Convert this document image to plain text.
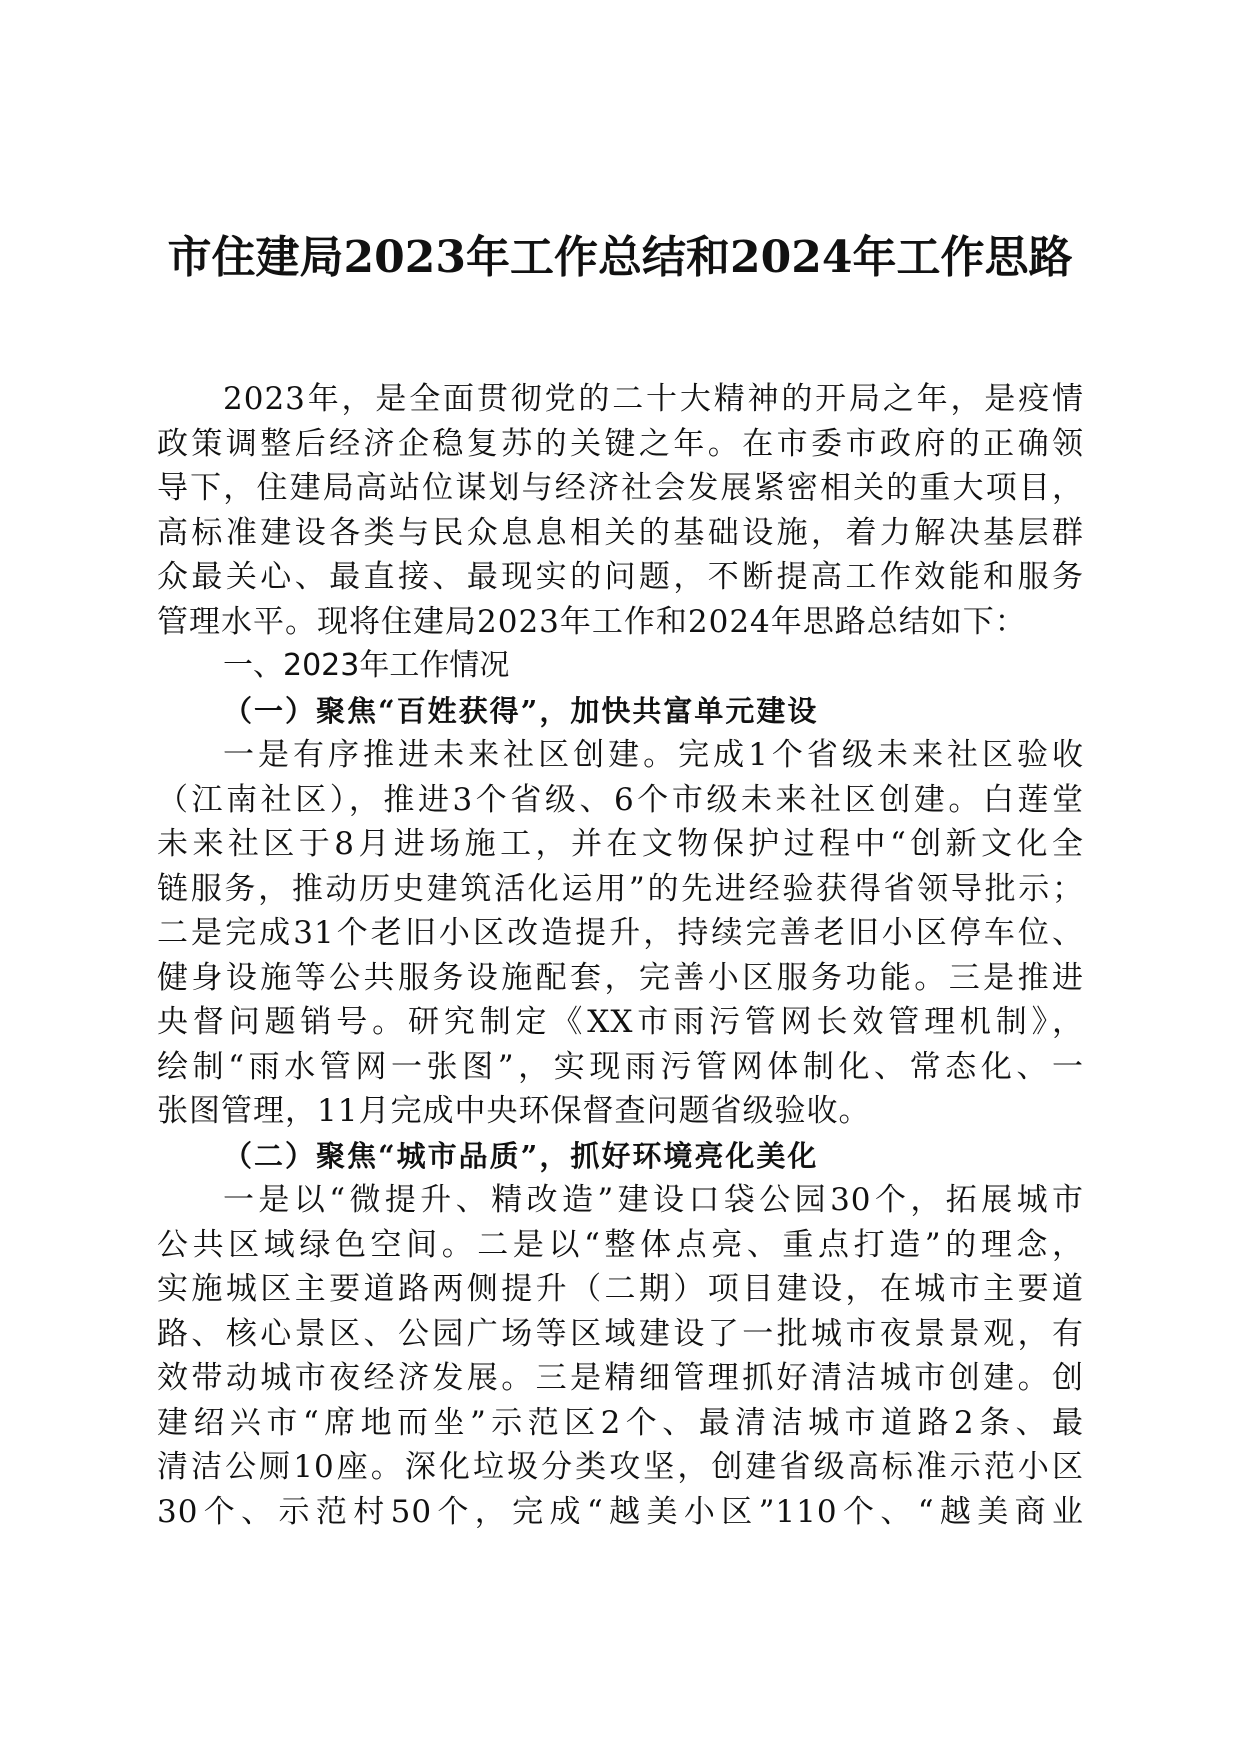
市住建局2023年工作总结和2024年工作思路
2023年，是全面贯彻党的二十大精神的开局之年，是疫情
政策调整后经济企稳复苏的关键之年。在市委市政府的正确领
导下，住建局高站位谋划与经济社会发展紧密相关的重大项目，
高标准建设各类与民众息息相关的基础设施，着力解决基层群
众最关心、最直接、最现实的问题，不断提高工作效能和服务
管理水平。现将住建局2023年工作和2024年思路总结如下：
一、2023年工作情况
（一）聚焦“百姓获得”，加快共富单元建设
一是有序推进未来社区创建。完成1个省级未来社区验收
（江南社区），推进3个省级、6个市级未来社区创建。白莲堂
未来社区于8月进场施工，并在文物保护过程中“创新文化全
链服务，推动历史建筑活化运用”的先进经验获得省领导批示；
二是完成31个老旧小区改造提升，持续完善老旧小区停车位、
健身设施等公共服务设施配套，完善小区服务功能。三是推进
央督问题销号。研究制定《XX市雨污管网长效管理机制》，
绘制“雨水管网一张图”，实现雨污管网体制化、常态化、一
张图管理，11月完成中央环保督查问题省级验收。
（二）聚焦“城市品质”，抓好环境亮化美化
一是以“微提升、精改造”建设口袋公园30个，拓展城市
公共区域绿色空间。二是以“整体点亮、重点打造”的理念，
实施城区主要道路两侧提升（二期）项目建设，在城市主要道
路、核心景区、公园广场等区域建设了一批城市夜景景观，有
效带动城市夜经济发展。三是精细管理抓好清洁城市创建。创
建绍兴市“席地而坐”示范区2个、最清洁城市道路2条、最
清洁公厕10座。深化垃圾分类攻坚，创建省级高标准示范小区
30个、示范村50个，完成“越美小区”110个、“越美商业
